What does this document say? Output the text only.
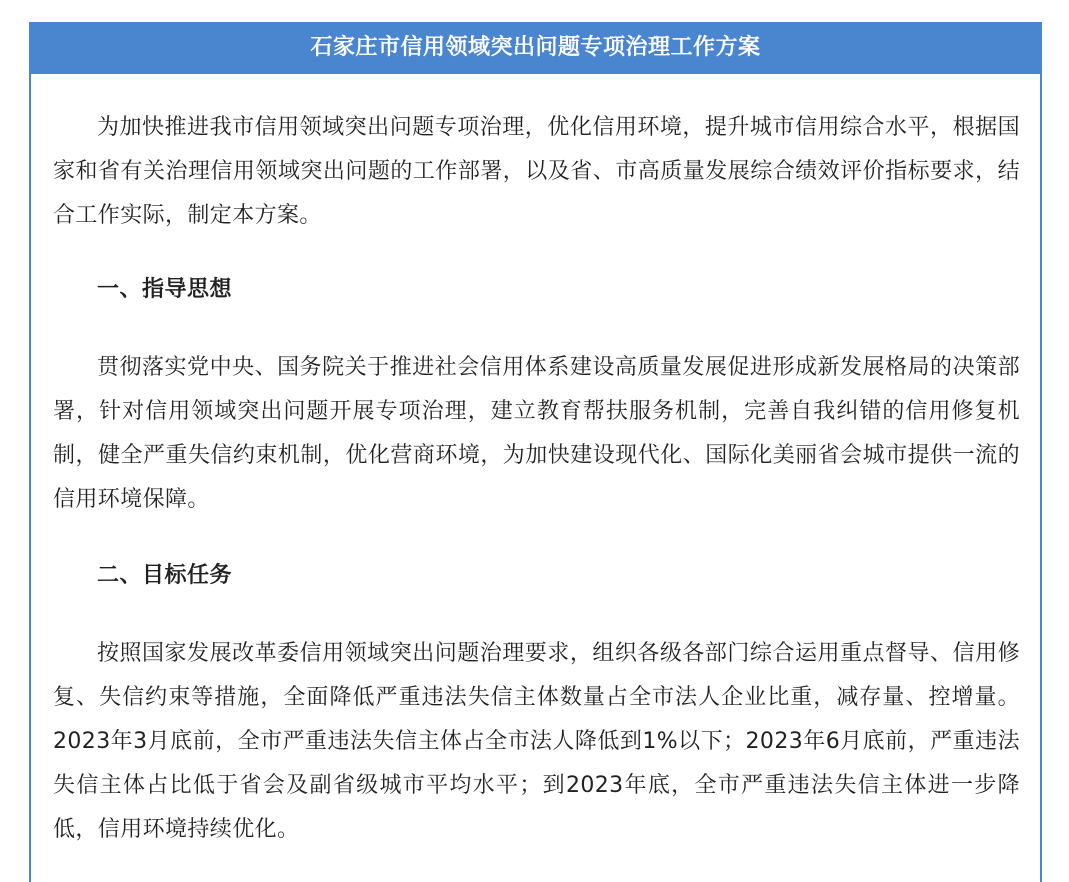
石家庄市信用领域突出问题专项治理工作方案

为加快推进我市信用领域突出问题专项治理，优化信用环境，提升城市信用综合水平，根据国家和省有关治理信用领域突出问题的工作部署，以及省、市高质量发展综合绩效评价指标要求，结合工作实际，制定本方案。

一、指导思想

贯彻落实党中央、国务院关于推进社会信用体系建设高质量发展促进形成新发展格局的决策部署，针对信用领域突出问题开展专项治理，建立教育帮扶服务机制，完善自我纠错的信用修复机制，健全严重失信约束机制，优化营商环境，为加快建设现代化、国际化美丽省会城市提供一流的信用环境保障。

二、目标任务

按照国家发展改革委信用领域突出问题治理要求，组织各级各部门综合运用重点督导、信用修复、失信约束等措施，全面降低严重违法失信主体数量占全市法人企业比重，减存量、控增量。2023年3月底前，全市严重违法失信主体占全市法人降低到1%以下；2023年6月底前，严重违法失信主体占比低于省会及副省级城市平均水平；到2023年底，全市严重违法失信主体进一步降低，信用环境持续优化。
